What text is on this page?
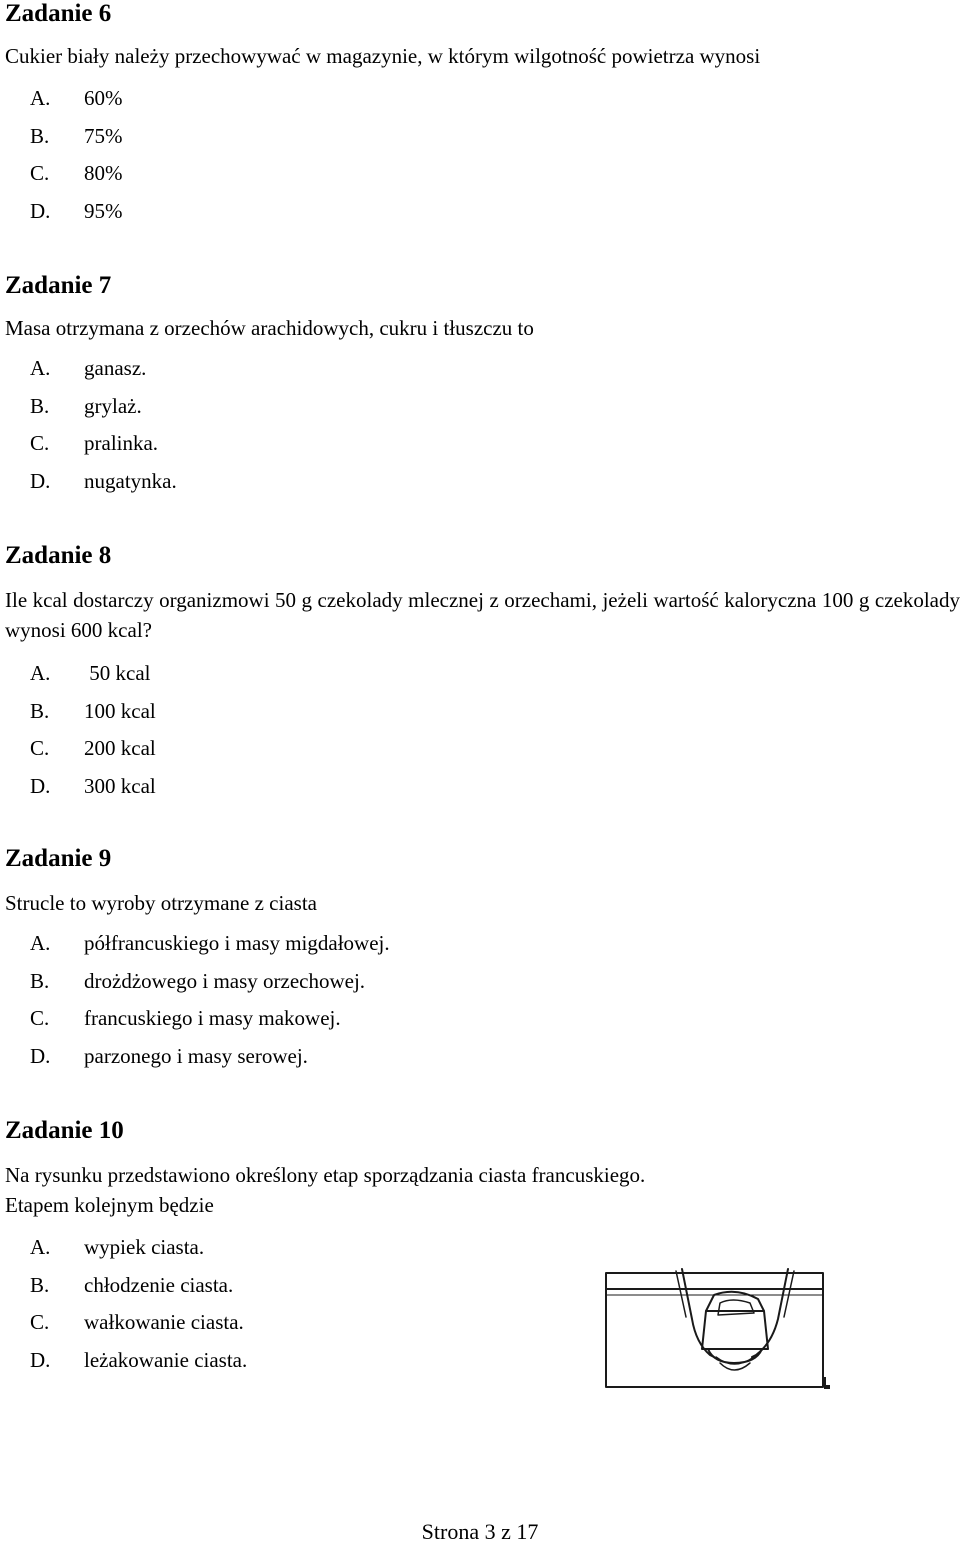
Zadanie 6

Cukier biały należy przechowywać w magazynie, w którym wilgotność powietrza wynosi

A.	60%
B.	75%
C.	80%
D.	95%
Zadanie 7

Masa otrzymana z orzechów arachidowych, cukru i tłuszczu to

A.	ganasz.
B.	grylaż.
C.	pralinka.
D.	nugatynka.
Zadanie 8

Ile kcal dostarczy organizmowi 50 g czekolady mlecznej z orzechami, jeżeli wartość kaloryczna 100 g czekolady wynosi 600 kcal?

A.	50 kcal
B.	100 kcal
C.	200 kcal
D.	300 kcal
Zadanie 9

Strucle to wyroby otrzymane z ciasta

A.	półfrancuskiego i masy migdałowej.
B.	drożdżowego i masy orzechowej.
C.	francuskiego i masy makowej.
D.	parzonego i masy serowej.
Zadanie 10

Na rysunku przedstawiono określony etap sporządzania ciasta francuskiego.

Etapem kolejnym będzie

A.	wypiek ciasta.
B.	chłodzenie ciasta.
C.	wałkowanie ciasta.
D.	leżakowanie ciasta.
Strona 3 z 17
